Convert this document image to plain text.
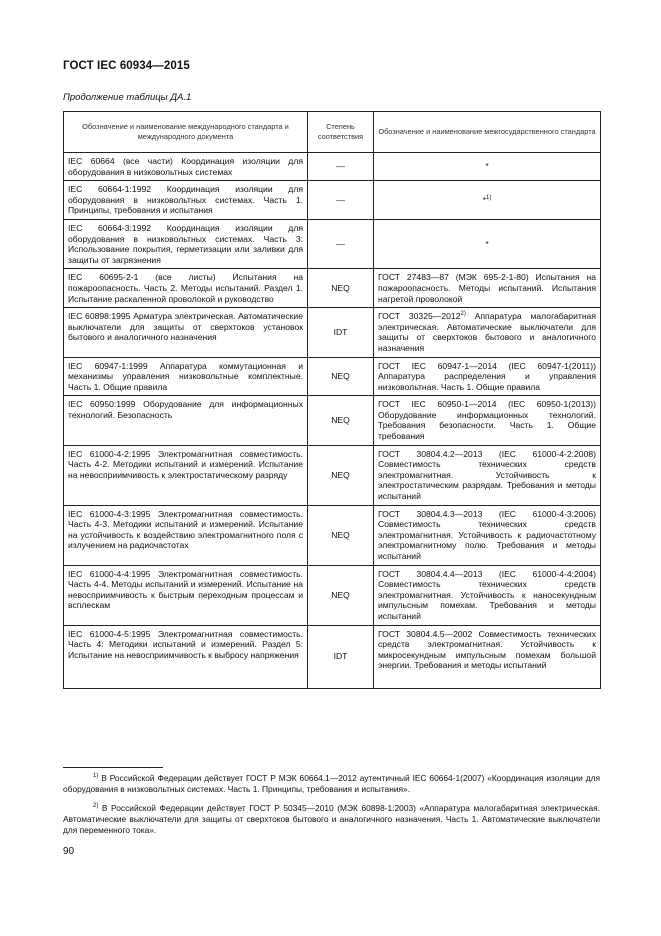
ГОСТ IEC 60934—2015
Продолжение таблицы ДА.1
Обозначение и наименование международного стандарта и международного документа	Степень соответствия	Обозначение и наименование межгосударственного стандарта
IEC 60664 (все части) Координация изоляции для оборудования в низковольтных системах	—	*
IEC 60664-1:1992 Координация изоляции для оборудования в низковольтных системах. Часть 1. Принципы, требования и испытания	—	*$^{1)}$
IEC 60664-3:1992 Координация изоляции для оборудования в низковольтных системах. Часть 3: Использование покрытия, герметизации или заливки для защиты от загрязнения	—	*
IEC 60695-2-1 (все листы) Испытания на пожароопасность. Часть 2. Методы испытаний. Раздел 1. Испытание раскаленной проволокой и руководство	NEQ	ГОСТ 27483—87 (МЭК 695-2-1-80) Испытания на пожароопасность. Методы испытаний. Испытания нагретой проволокой
IEC 60898:1995 Арматура электрическая. Автоматические выключатели для защиты от сверхтоков установок бытового и аналогичного назначения	IDT	ГОСТ 30325—2012$^{2)}$ Аппаратура малогабаритная электрическая. Автоматические выключатели для защиты от сверхтоков бытового и аналогичного назначения
IEC 60947-1:1999 Аппаратура коммутационная и механизмы управления низковольтные комплектные. Часть 1. Общие правила	NEQ	ГОСТ IEC 60947-1—2014 (IEC 60947-1(2011)) Аппаратура распределения и управления низковольтная. Часть 1. Общие правила
IEC 60950:1999 Оборудование для информационных технологий. Безопасность	NEQ	ГОСТ IEC 60950-1—2014 (IEC 60950-1(2013)) Оборудование информационных технологий. Требования безопасности. Часть 1. Общие требования
IEC 61000-4-2:1995 Электромагнитная совместимость. Часть 4-2. Методики испытаний и измерений. Испытание на невосприимчивость к электростатическому разряду	NEQ	ГОСТ 30804.4.2—2013 (IEC 61000-4-2:2008) Совместимость технических средств электромагнитная. Устойчивость к электростатическим разрядам. Требования и методы испытаний
IEC 61000-4-3:1995 Электромагнитная совместимость. Часть 4-3. Методики испытаний и измерений. Испытание на устойчивость к воздействию электромагнитного поля с излучением на радиочастотах	NEQ	ГОСТ 30804.4.3—2013 (IEC 61000-4-3:2006) Совместимость технических средств электромагнитная. Устойчивость к радиочастотному электромагнитному полю. Требования и методы испытаний
IEC 61000-4-4:1995 Электромагнитная совместимость. Часть 4-4. Методы испытаний и измерений. Испытание на невосприимчивость к быстрым переходным процессам и всплескам	NEQ	ГОСТ 30804.4.4—2013 (IEC 61000-4-4:2004) Совместимость технических средств электромагнитная. Устойчивость к наносекундным импульсным помехам. Требования и методы испытаний
IEC 61000-4-5:1995 Электромагнитная совместимость. Часть 4: Методики испытаний и измерений. Раздел 5: Испытание на невосприимчивость к выбросу напряжения	IDT	ГОСТ 30804.4.5—2002 Совместимость технических средств электромагнитная. Устойчивость к микросекундным импульсным помехам большой энергии. Требования и методы испытаний
$^{1)}$ В Российской Федерации действует ГОСТ Р МЭК 60664.1—2012 аутентичный IEC 60664-1(2007) «Координация изоляции для оборудования в низковольтных системах. Часть 1. Принципы, требования и испытания».
$^{2)}$ В Российской Федерации действует ГОСТ Р 50345—2010 (МЭК 60898-1:2003) «Аппаратура малогабаритная электрическая. Автоматические выключатели для защиты от сверхтоков бытового и аналогичного назначения. Часть 1. Автоматические выключатели для переменного тока».
90
